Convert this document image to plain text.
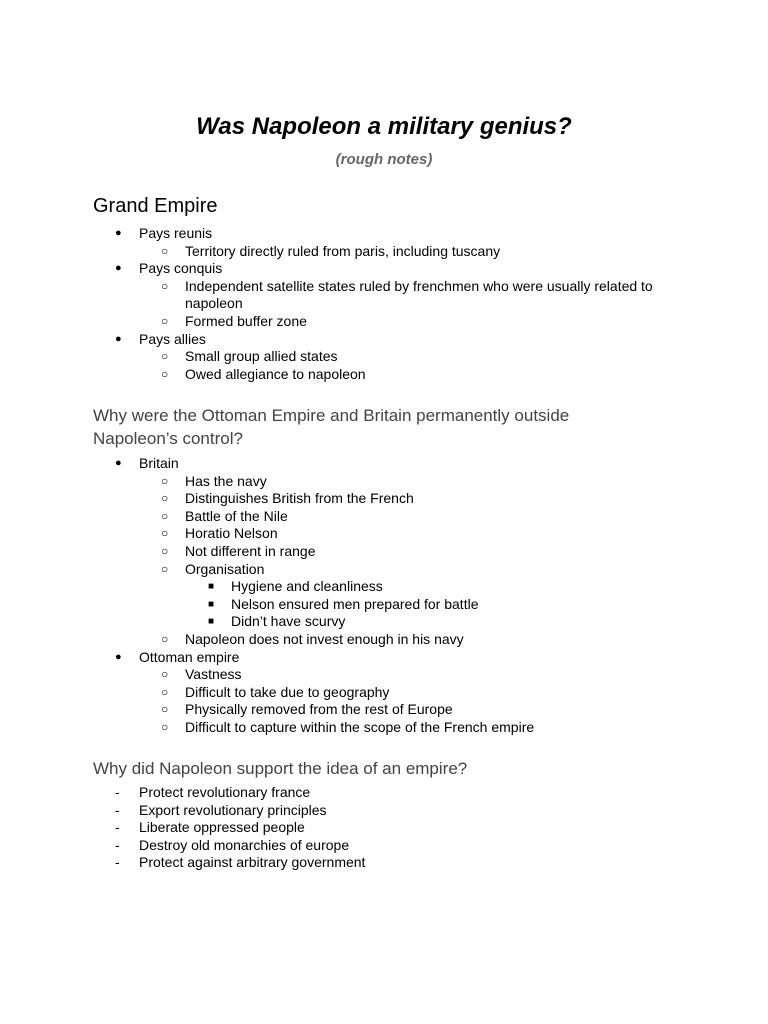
Was Napoleon a military genius?
(rough notes)
Grand Empire
● Pays reunis
○ Territory directly ruled from paris, including tuscany
● Pays conquis
○ Independent satellite states ruled by frenchmen who were usually related to napoleon
○ Formed buffer zone
● Pays allies
○ Small group allied states
○ Owed allegiance to napoleon
Why were the Ottoman Empire and Britain permanently outside Napoleon’s control?
● Britain
○ Has the navy
○ Distinguishes British from the French
○ Battle of the Nile
○ Horatio Nelson
○ Not different in range
○ Organisation
■ Hygiene and cleanliness
■ Nelson ensured men prepared for battle
■ Didn’t have scurvy
○ Napoleon does not invest enough in his navy
● Ottoman empire
○ Vastness
○ Difficult to take due to geography
○ Physically removed from the rest of Europe
○ Difficult to capture within the scope of the French empire
Why did Napoleon support the idea of an empire?
- Protect revolutionary france
- Export revolutionary principles
- Liberate oppressed people
- Destroy old monarchies of europe
- Protect against arbitrary government
